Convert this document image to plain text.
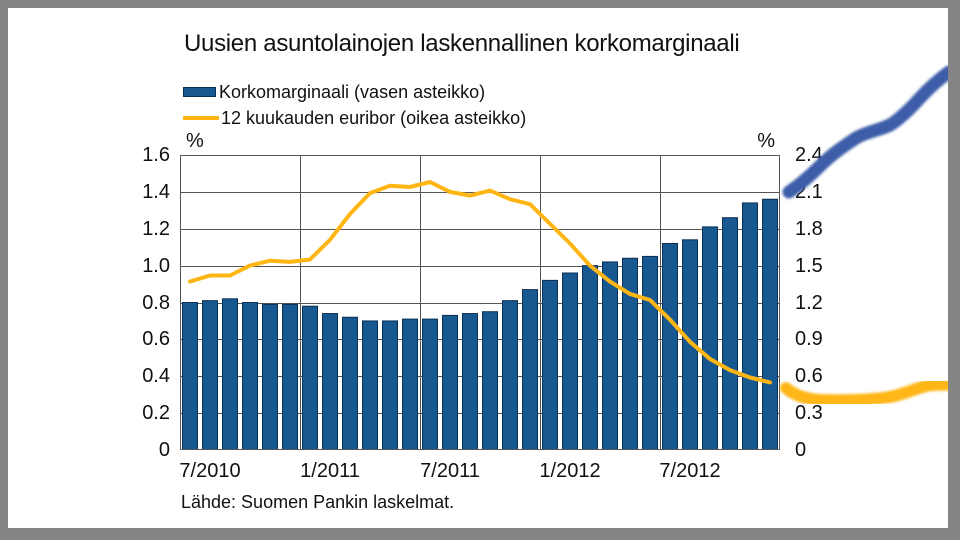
Uusien asuntolainojen laskennallinen korkomarginaali
Korkomarginaali (vasen asteikko)
12 kuukauden euribor (oikea asteikko)
%	%
1.6
1.4
1.2
1.0
0.8
0.6
0.4
0.2
0
2.4
2.1
1.8
1.5
1.2
0.9
0.6
0.3
0
7/2010	1/2011	7/2011	1/2012	7/2012
Lähde: Suomen Pankin laskelmat.
